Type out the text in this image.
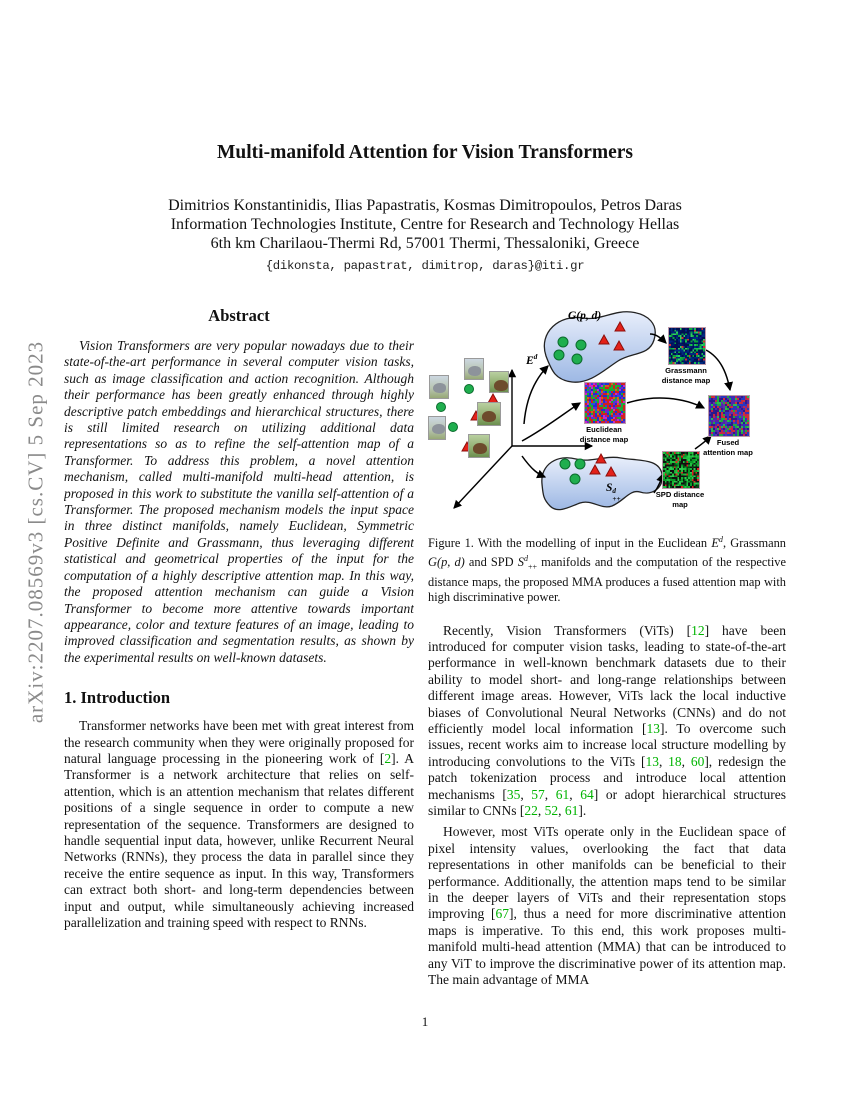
arXiv:2207.08569v3 [cs.CV] 5 Sep 2023
Multi-manifold Attention for Vision Transformers
Dimitrios Konstantinidis, Ilias Papastratis, Kosmas Dimitropoulos, Petros Daras
Information Technologies Institute, Centre for Research and Technology Hellas
6th km Charilaou-Thermi Rd, 57001 Thermi, Thessaloniki, Greece
{dikonsta, papastrat, dimitrop, daras}@iti.gr
Abstract
Vision Transformers are very popular nowadays due to their state-of-the-art performance in several computer vision tasks, such as image classification and action recognition. Although their performance has been greatly enhanced through highly descriptive patch embeddings and hierarchical structures, there is still limited research on utilizing additional data representations so as to refine the self-attention map of a Transformer. To address this problem, a novel attention mechanism, called multi-manifold multi-head attention, is proposed in this work to substitute the vanilla self-attention of a Transformer. The proposed mechanism models the input space in three distinct manifolds, namely Euclidean, Symmetric Positive Definite and Grassmann, thus leveraging different statistical and geometrical properties of the input for the computation of a highly descriptive attention map. In this way, the proposed attention mechanism can guide a Vision Transformer to become more attentive towards important appearance, color and texture features of an image, leading to improved classification and segmentation results, as shown by the experimental results on well-known datasets.
1. Introduction
Transformer networks have been met with great interest from the research community when they were originally proposed for natural language processing in the pioneering work of [2]. A Transformer is a network architecture that relies on self-attention, which is an attention mechanism that relates different positions of a single sequence in order to compute a new representation of the sequence. Transformers are designed to handle sequential input data, however, unlike Recurrent Neural Networks (RNNs), they process the data in parallel since they receive the entire sequence as input. In this way, Transformers can extract both short- and long-term dependencies between input and output, while simultaneously achieving increased parallelization and training speed with respect to RNNs.
$E^d$
G(p, d)
S d
++
Grassmann
distance map
Euclidean
distance map
SPD distance
map
Fused
attention map
Figure 1. With the modelling of input in the Euclidean $E^d$, Grassmann G(p, d) and SPD $S^d_{++}$ manifolds and the computation of the respective distance maps, the proposed MMA produces a fused attention map with high discriminative power.
Recently, Vision Transformers (ViTs) [12] have been introduced for computer vision tasks, leading to state-of-the-art performance in well-known benchmark datasets due to their ability to model short- and long-range relationships between different image areas. However, ViTs lack the local inductive biases of Convolutional Neural Networks (CNNs) and do not efficiently model local information [13]. To overcome such issues, recent works aim to increase local structure modelling by introducing convolutions to the ViTs [13, 18, 60], redesign the patch tokenization process and introduce local attention mechanisms [35, 57, 61, 64] or adopt hierarchical structures similar to CNNs [22, 52, 61].
However, most ViTs operate only in the Euclidean space of pixel intensity values, overlooking the fact that data representations in other manifolds can be beneficial to their performance. Additionally, the attention maps tend to be similar in the deeper layers of ViTs and their representation stops improving [67], thus a need for more discriminative attention maps is imperative. To this end, this work proposes multi-manifold multi-head attention (MMA) that can be introduced to any ViT to improve the discriminative power of its attention map. The main advantage of MMA
1
